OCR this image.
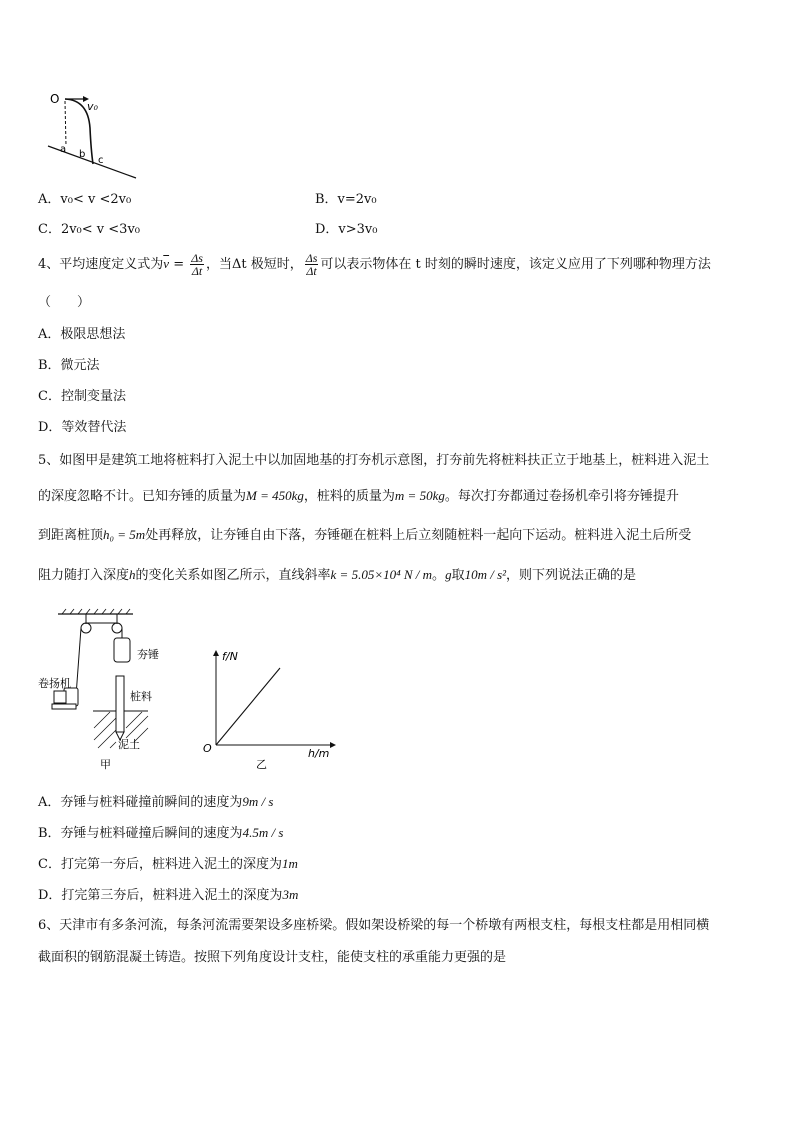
O
v₀
a b
c
A．v₀< v <2v₀	B．v=2v₀
C．2v₀< v <3v₀	D．v>3v₀
4、平均速度定义式为$\overline{v} = \frac{\Delta s}{\Delta t}$ ，当Δt 极短时， $\frac{\Delta s}{\Delta t}$ 可以表示物体在 t 时刻的瞬时速度，该定义应用了下列哪种物理方法
（　　）
A．极限思想法
B．微元法
C．控制变量法
D．等效替代法
5、如图甲是建筑工地将桩料打入泥土中以加固地基的打夯机示意图，打夯前先将桩料扶正立于地基上，桩料进入泥土
的深度忽略不计。已知夯锤的质量为M = 450kg，桩料的质量为m = 50kg。每次打夯都通过卷扬机牵引将夯锤提升
到距离桩顶h₀ = 5m处再释放，让夯锤自由下落，夯锤砸在桩料上后立刻随桩料一起向下运动。桩料进入泥土后所受
阻力随打入深度h的变化关系如图乙所示，直线斜率k = 5.05×10⁴ N / m。g取10m / s²，则下列说法正确的是
夯锤
卷扬机
桩料
泥土
甲
f/N
h/m
O
乙
A．夯锤与桩料碰撞前瞬间的速度为9m / s
B．夯锤与桩料碰撞后瞬间的速度为4.5m / s
C．打完第一夯后，桩料进入泥土的深度为1m
D．打完第三夯后，桩料进入泥土的深度为3m
6、天津市有多条河流，每条河流需要架设多座桥梁。假如架设桥梁的每一个桥墩有两根支柱，每根支柱都是用相同横
截面积的钢筋混凝土铸造。按照下列角度设计支柱，能使支柱的承重能力更强的是
